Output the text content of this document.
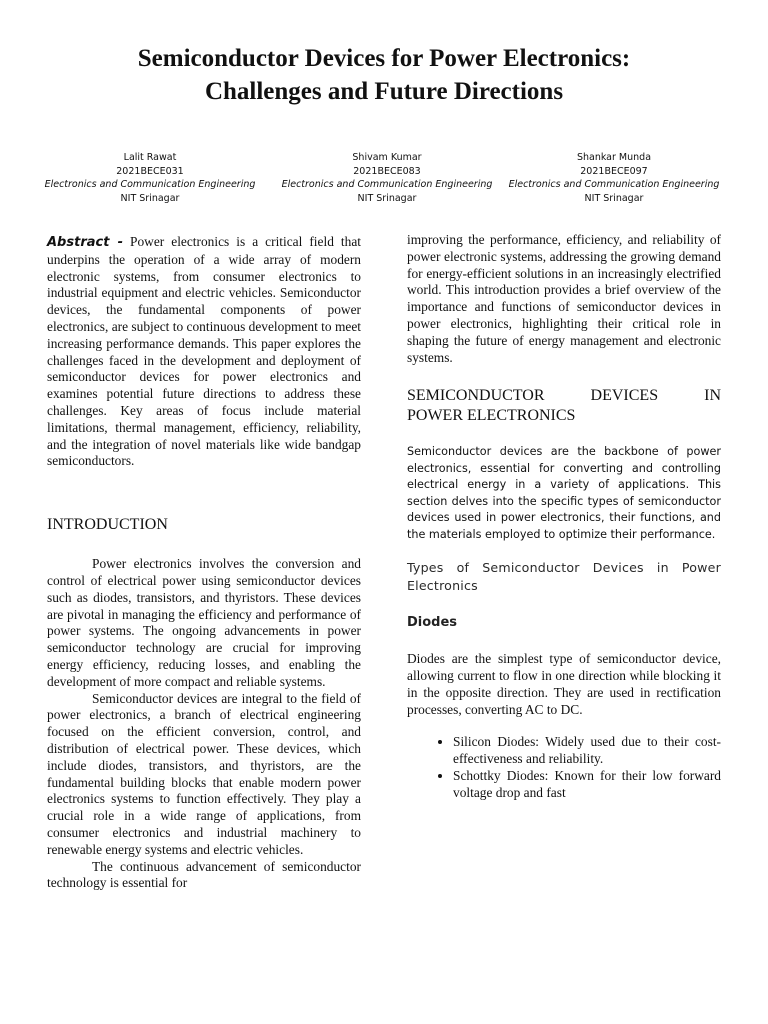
Semiconductor Devices for Power Electronics:
Challenges and Future Directions
Lalit Rawat
2021BECE031
Electronics and Communication Engineering
NIT Srinagar
Shivam Kumar
2021BECE083
Electronics and Communication Engineering
NIT Srinagar
Shankar Munda
2021BECE097
Electronics and Communication Engineering
NIT Srinagar

Abstract - Power electronics is a critical field that underpins the operation of a wide array of modern electronic systems, from consumer electronics to industrial equipment and electric vehicles. Semiconductor devices, the fundamental components of power electronics, are subject to continuous development to meet increasing performance demands. This paper explores the challenges faced in the development and deployment of semiconductor devices for power electronics and examines potential future directions to address these challenges. Key areas of focus include material limitations, thermal management, efficiency, reliability, and the integration of novel materials like wide bandgap semiconductors.

INTRODUCTION

Power electronics involves the conversion and control of electrical power using semiconductor devices such as diodes, transistors, and thyristors. These devices are pivotal in managing the efficiency and performance of power systems. The ongoing advancements in power semiconductor technology are crucial for improving energy efficiency, reducing losses, and enabling the development of more compact and reliable systems.

Semiconductor devices are integral to the field of power electronics, a branch of electrical engineering focused on the efficient conversion, control, and distribution of electrical power. These devices, which include diodes, transistors, and thyristors, are the fundamental building blocks that enable modern power electronics systems to function effectively. They play a crucial role in a wide range of applications, from consumer electronics and industrial machinery to renewable energy systems and electric vehicles.

The continuous advancement of semiconductor technology is essential for

improving the performance, efficiency, and reliability of power electronic systems, addressing the growing demand for energy-efficient solutions in an increasingly electrified world. This introduction provides a brief overview of the importance and functions of semiconductor devices in power electronics, highlighting their critical role in shaping the future of energy management and electronic systems.

SEMICONDUCTOR DEVICES IN
POWER ELECTRONICS

Semiconductor devices are the backbone of power electronics, essential for converting and controlling electrical energy in a variety of applications. This section delves into the specific types of semiconductor devices used in power electronics, their functions, and the materials employed to optimize their performance.

Types of Semiconductor Devices in Power Electronics
Diodes

Diodes are the simplest type of semiconductor device, allowing current to flow in one direction while blocking it in the opposite direction. They are used in rectification processes, converting AC to DC.

• Silicon Diodes: Widely used due to their cost-effectiveness and reliability.
• Schottky Diodes: Known for their low forward voltage drop and fast
